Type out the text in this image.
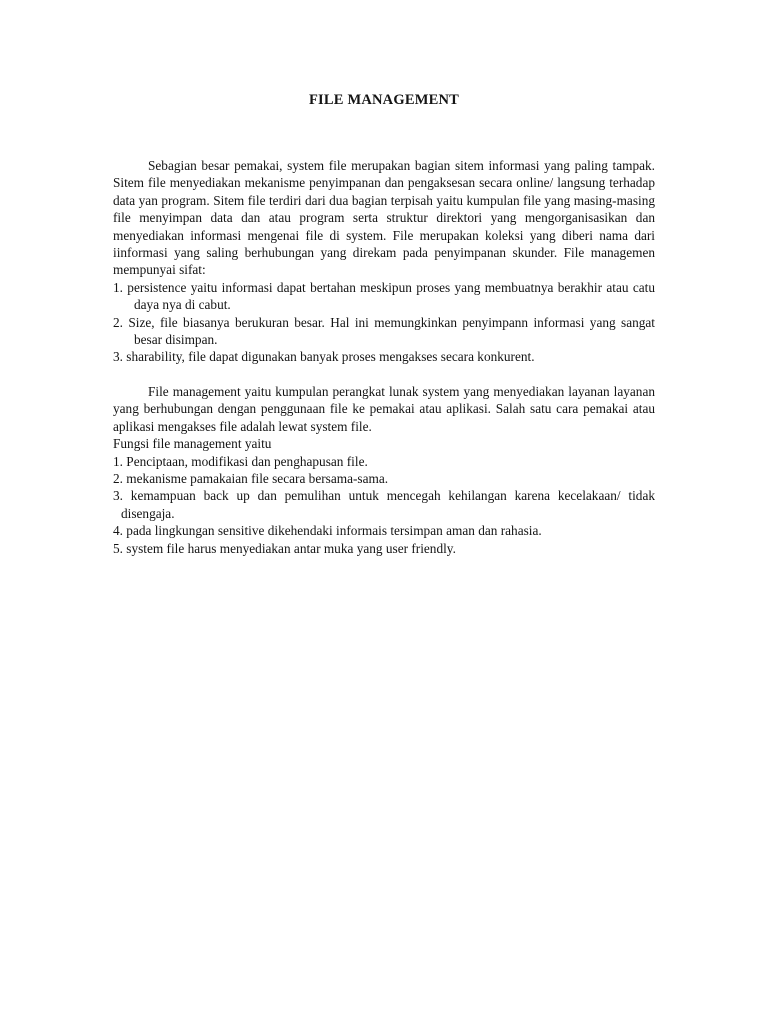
FILE MANAGEMENT

Sebagian besar pemakai, system file merupakan bagian sitem informasi yang paling tampak. Sitem file menyediakan mekanisme penyimpanan dan pengaksesan secara online/ langsung terhadap data yan program. Sitem file terdiri dari dua bagian terpisah yaitu kumpulan file yang masing-masing file menyimpan data dan atau program serta struktur direktori yang mengorganisasikan dan menyediakan informasi mengenai file di system. File merupakan koleksi yang diberi nama dari iinformasi yang saling berhubungan yang direkam pada penyimpanan skunder. File managemen mempunyai sifat:

1. persistence yaitu informasi dapat bertahan meskipun proses yang membuatnya berakhir atau catu daya nya di cabut.

2. Size, file biasanya berukuran besar. Hal ini memungkinkan penyimpann informasi yang sangat besar disimpan.

3. sharability, file dapat digunakan banyak proses mengakses secara konkurent.

File management yaitu kumpulan perangkat lunak system yang menyediakan layanan layanan yang berhubungan dengan penggunaan file ke pemakai atau aplikasi. Salah satu cara pemakai atau aplikasi mengakses file adalah lewat system file.

Fungsi file management yaitu

1. Penciptaan, modifikasi dan penghapusan file.

2. mekanisme pamakaian file secara bersama-sama.

3. kemampuan back up dan pemulihan untuk mencegah kehilangan karena kecelakaan/ tidak disengaja.

4. pada lingkungan sensitive dikehendaki informais tersimpan aman dan rahasia.

5. system file harus menyediakan antar muka yang user friendly.
